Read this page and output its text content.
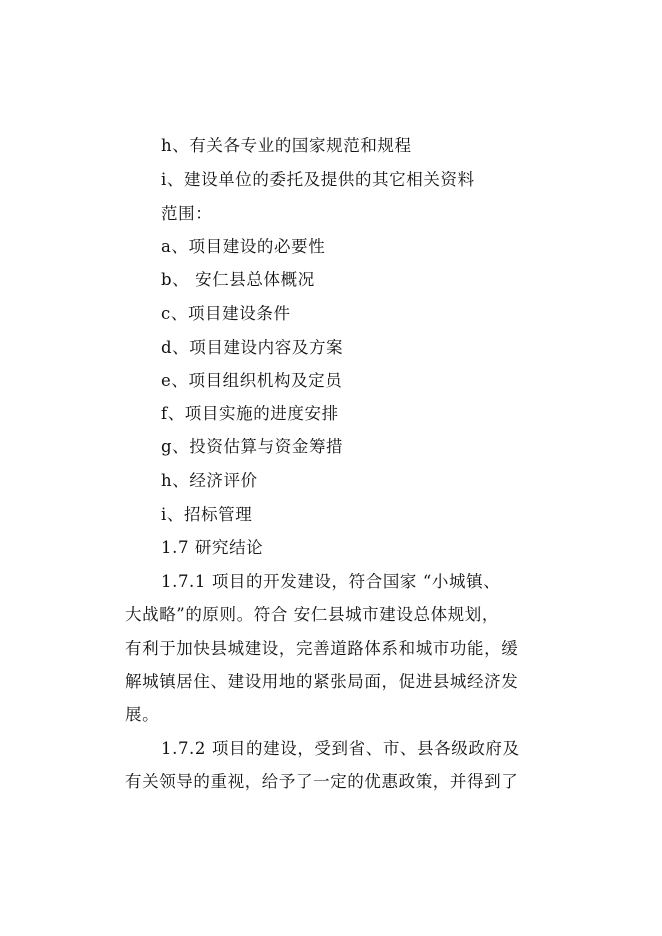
h、有关各专业的国家规范和规程
i、建设单位的委托及提供的其它相关资料
范围：
a、项目建设的必要性
b、 安仁县总体概况
c、项目建设条件
d、项目建设内容及方案
e、项目组织机构及定员
f、项目实施的进度安排
g、投资估算与资金筹措
h、经济评价
i、招标管理
1.7 研究结论
1.7.1 项目的开发建设，符合国家 “小城镇、
大战略”的原则。符合 安仁县城市建设总体规划，
有利于加快县城建设，完善道路体系和城市功能，缓
解城镇居住、建设用地的紧张局面，促进县城经济发
展。
1.7.2 项目的建设，受到省、市、县各级政府及
有关领导的重视，给予了一定的优惠政策，并得到了
